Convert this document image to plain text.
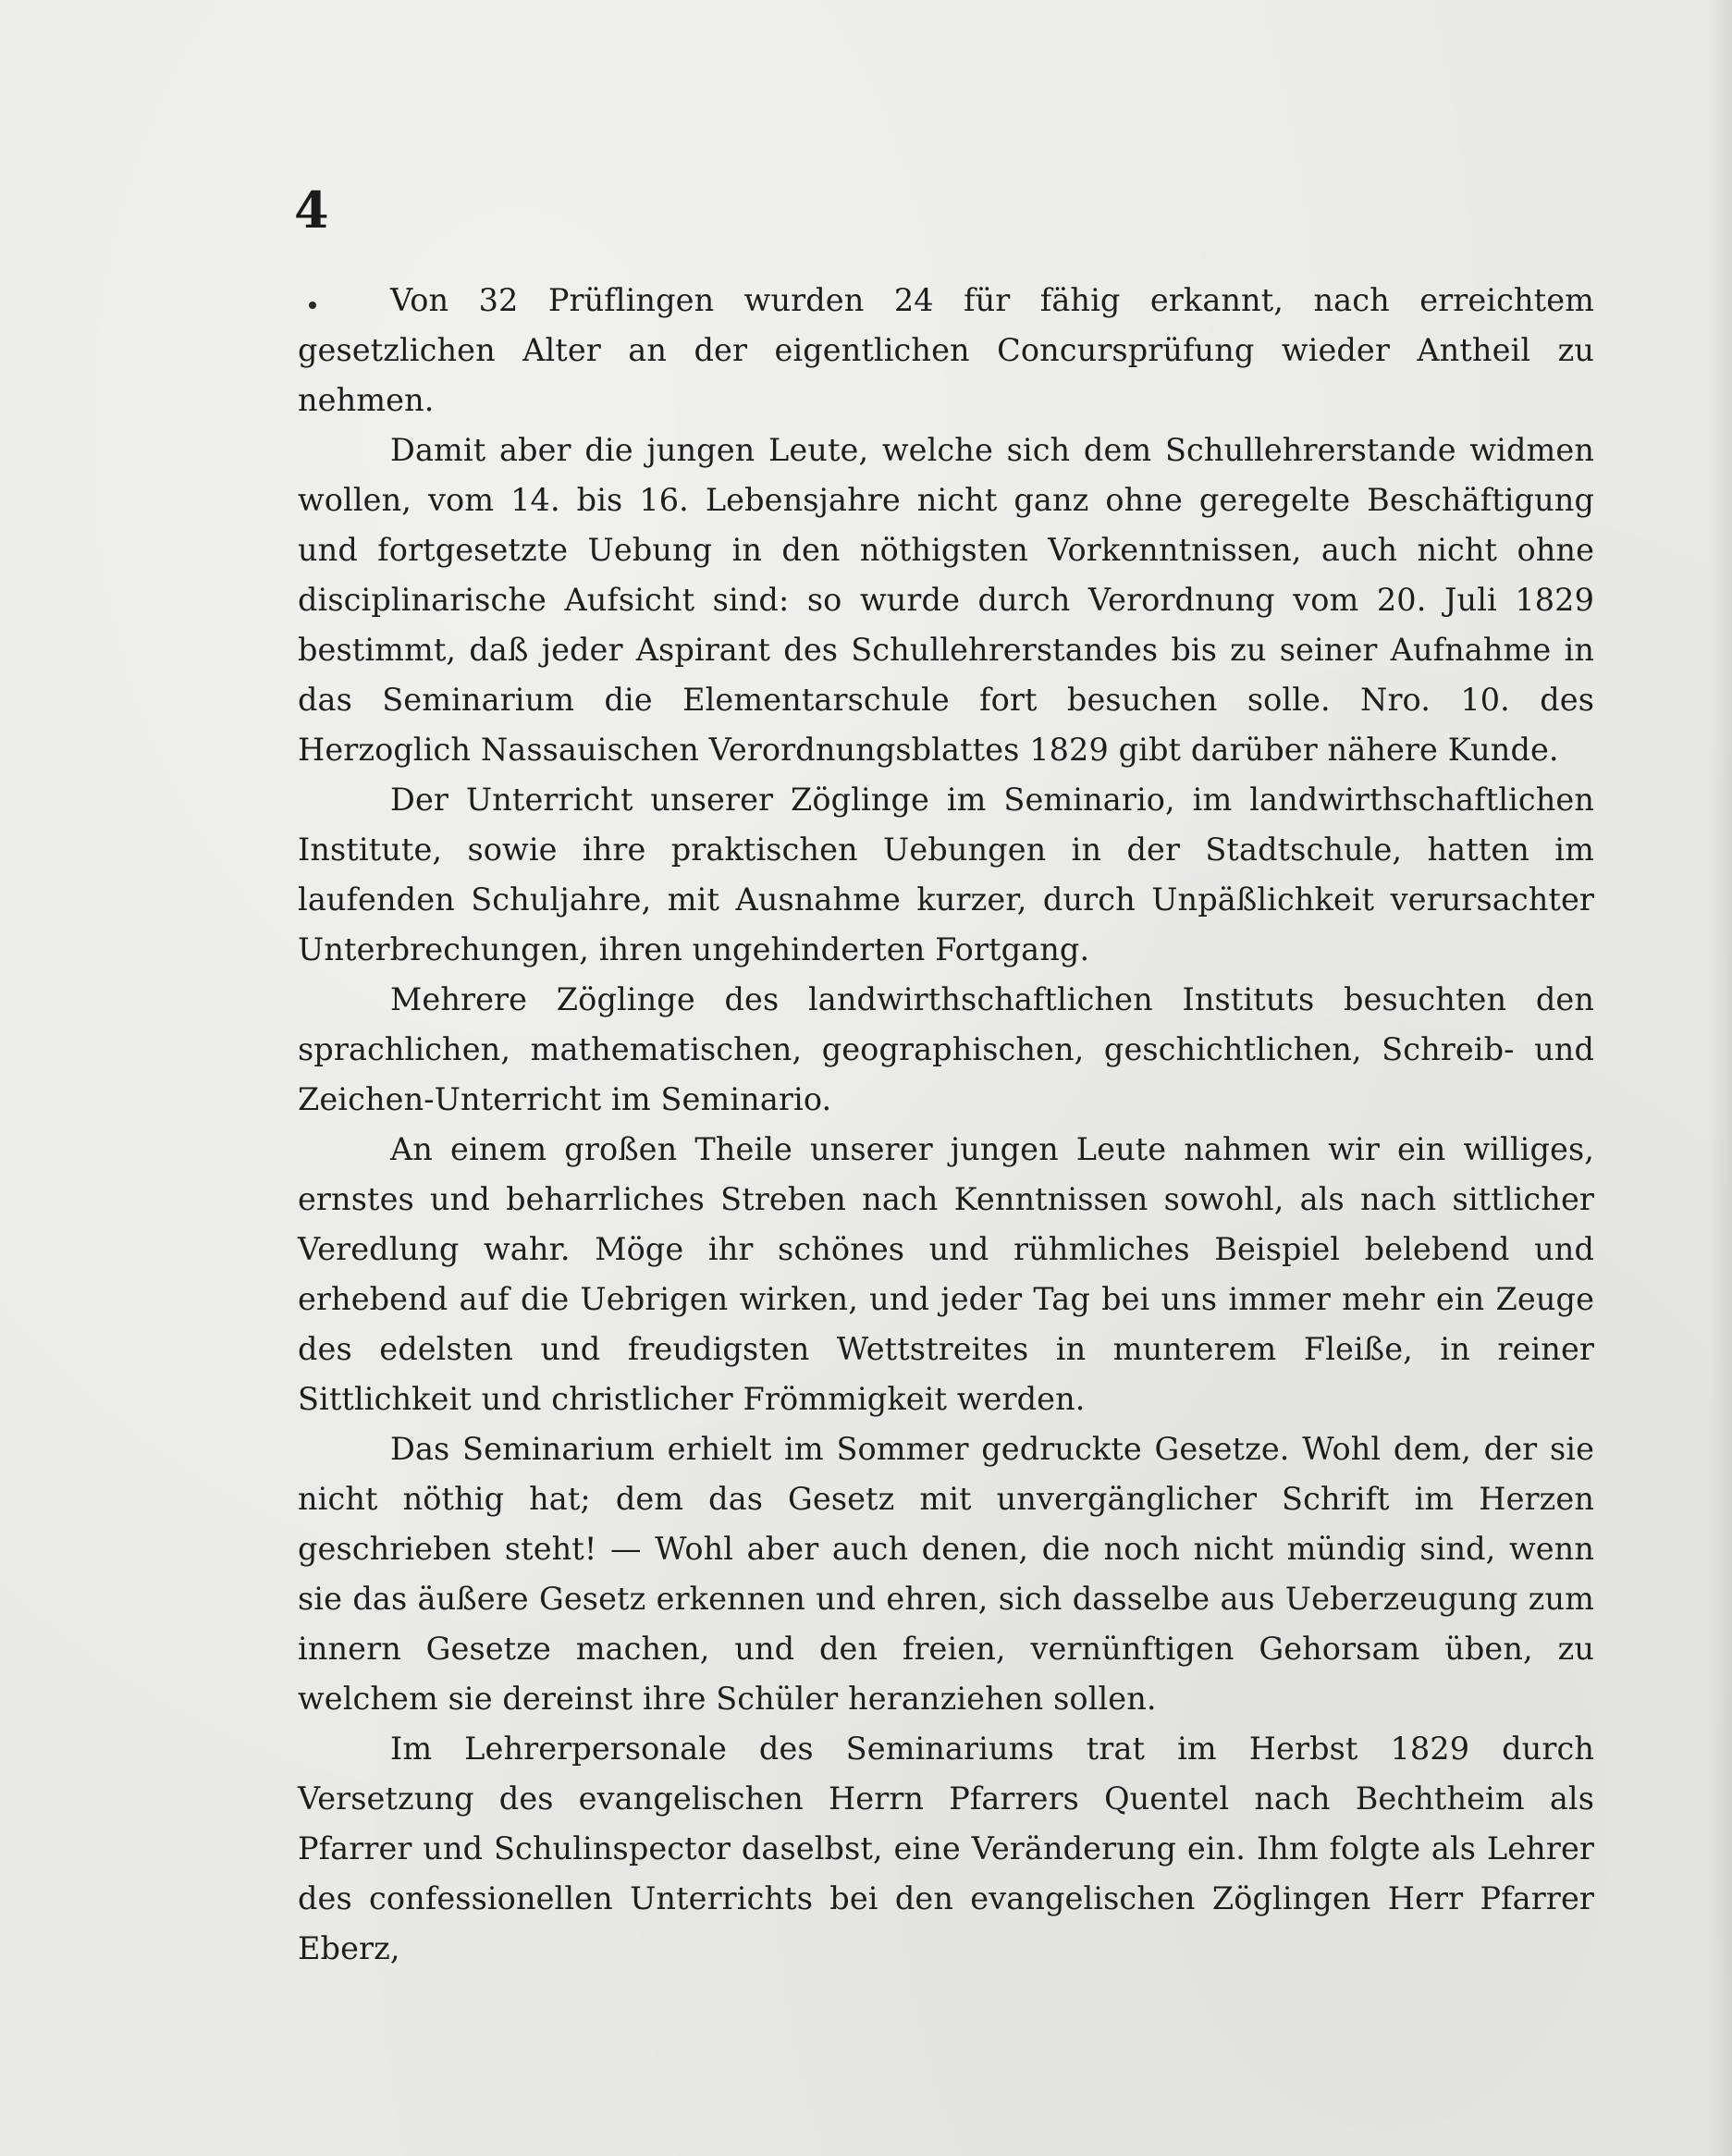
4

Von 32 Prüflingen wurden 24 für fähig erkannt, nach erreichtem gesetzlichen Alter an der eigentlichen Concursprüfung wieder Antheil zu nehmen.

Damit aber die jungen Leute, welche sich dem Schullehrerstande widmen wollen, vom 14. bis 16. Lebensjahre nicht ganz ohne geregelte Beschäftigung und fortgesetzte Uebung in den nöthigsten Vorkenntnissen, auch nicht ohne disciplinarische Aufsicht sind: so wurde durch Verordnung vom 20. Juli 1829 bestimmt, daß jeder Aspirant des Schullehrerstandes bis zu seiner Aufnahme in das Seminarium die Elementarschule fort besuchen solle. Nro. 10. des Herzoglich Nassauischen Verordnungsblattes 1829 gibt darüber nähere Kunde.

Der Unterricht unserer Zöglinge im Seminario, im landwirthschaftlichen Institute, sowie ihre praktischen Uebungen in der Stadtschule, hatten im laufenden Schuljahre, mit Ausnahme kurzer, durch Unpäßlichkeit verursachter Unterbrechungen, ihren ungehinderten Fortgang.

Mehrere Zöglinge des landwirthschaftlichen Instituts besuchten den sprachlichen, mathematischen, geographischen, geschichtlichen, Schreib- und Zeichen-Unterricht im Seminario.

An einem großen Theile unserer jungen Leute nahmen wir ein williges, ernstes und beharrliches Streben nach Kenntnissen sowohl, als nach sittlicher Veredlung wahr. Möge ihr schönes und rühmliches Beispiel belebend und erhebend auf die Uebrigen wirken, und jeder Tag bei uns immer mehr ein Zeuge des edelsten und freudigsten Wettstreites in munterem Fleiße, in reiner Sittlichkeit und christlicher Frömmigkeit werden.

Das Seminarium erhielt im Sommer gedruckte Gesetze. Wohl dem, der sie nicht nöthig hat; dem das Gesetz mit unvergänglicher Schrift im Herzen geschrieben steht! — Wohl aber auch denen, die noch nicht mündig sind, wenn sie das äußere Gesetz erkennen und ehren, sich dasselbe aus Ueberzeugung zum innern Gesetze machen, und den freien, vernünftigen Gehorsam üben, zu welchem sie dereinst ihre Schüler heranziehen sollen.

Im Lehrerpersonale des Seminariums trat im Herbst 1829 durch Versetzung des evangelischen Herrn Pfarrers Quentel nach Bechtheim als Pfarrer und Schulinspector daselbst, eine Veränderung ein. Ihm folgte als Lehrer des confessionellen Unterrichts bei den evangelischen Zöglingen Herr Pfarrer Eberz,
